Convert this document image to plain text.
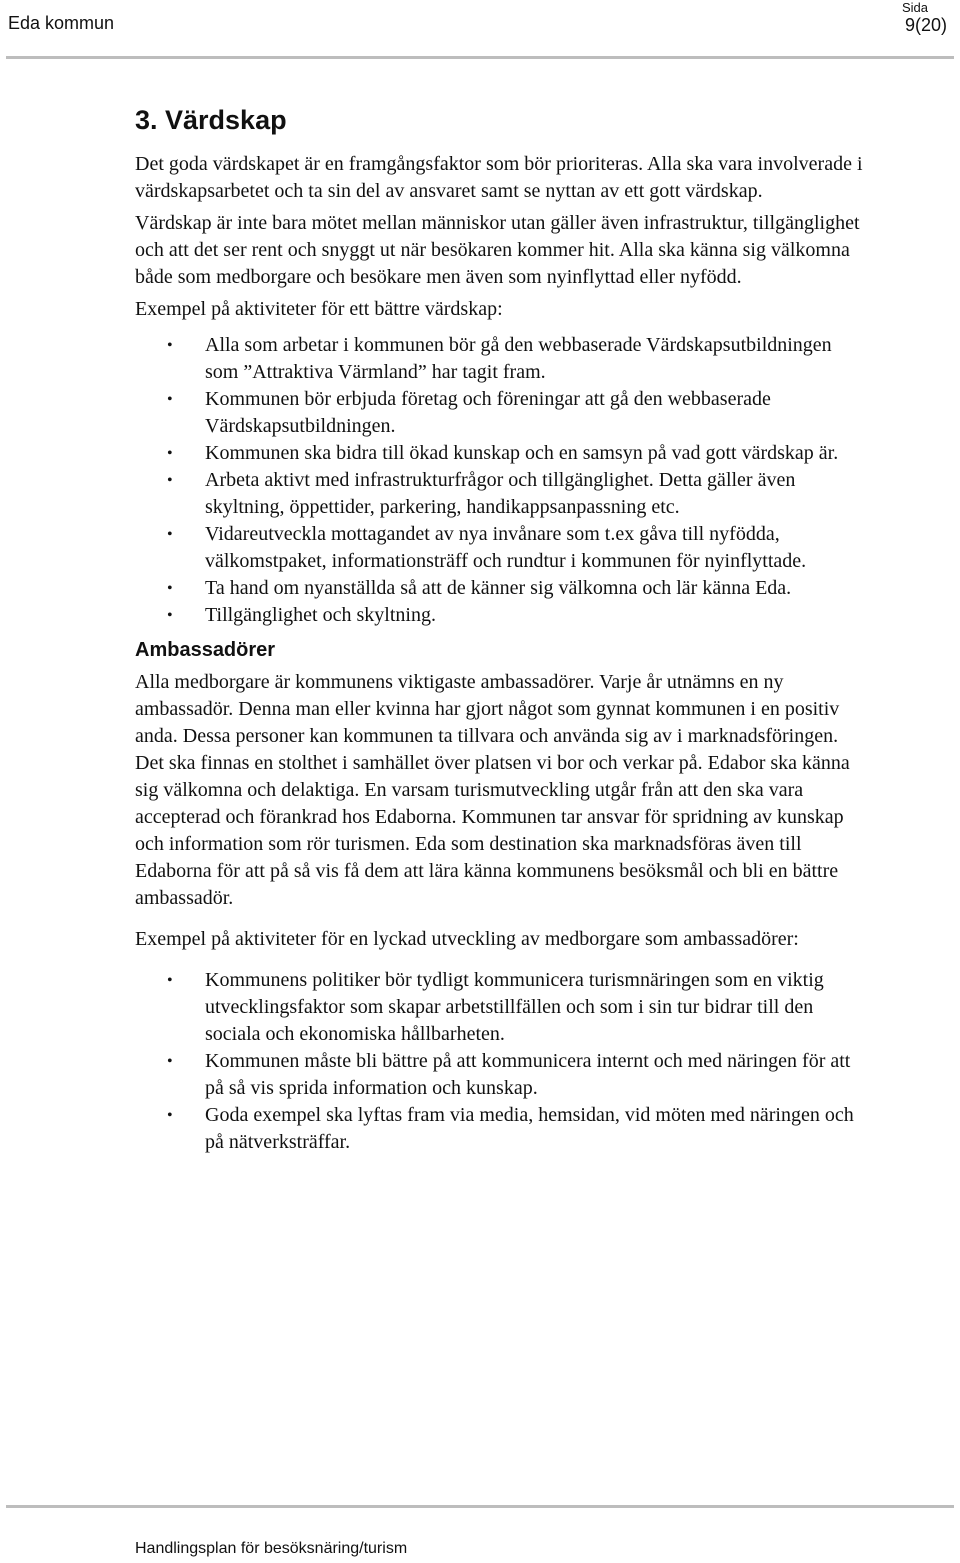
Eda kommun
Sida
9(20)
3. Värdskap

Det goda värdskapet är en framgångsfaktor som bör prioriteras. Alla ska vara involverade i värdskapsarbetet och ta sin del av ansvaret samt se nyttan av ett gott värdskap.

Värdskap är inte bara mötet mellan människor utan gäller även infrastruktur, tillgänglighet och att det ser rent och snyggt ut när besökaren kommer hit. Alla ska känna sig välkomna både som medborgare och besökare men även som nyinflyttad eller nyfödd.

Exempel på aktiviteter för ett bättre värdskap:

• Alla som arbetar i kommunen bör gå den webbaserade Värdskapsutbildningen som ”Attraktiva Värmland” har tagit fram.
• Kommunen bör erbjuda företag och föreningar att gå den webbaserade Värdskapsutbildningen.
• Kommunen ska bidra till ökad kunskap och en samsyn på vad gott värdskap är.
• Arbeta aktivt med infrastrukturfrågor och tillgänglighet. Detta gäller även skyltning, öppettider, parkering, handikappsanpassning etc.
• Vidareutveckla mottagandet av nya invånare som t.ex gåva till nyfödda, välkomstpaket, informationsträff och rundtur i kommunen för nyinflyttade.
• Ta hand om nyanställda så att de känner sig välkomna och lär känna Eda.
• Tillgänglighet och skyltning.
Ambassadörer

Alla medborgare är kommunens viktigaste ambassadörer. Varje år utnämns en ny ambassadör. Denna man eller kvinna har gjort något som gynnat kommunen i en positiv anda. Dessa personer kan kommunen ta tillvara och använda sig av i marknadsföringen. Det ska finnas en stolthet i samhället över platsen vi bor och verkar på. Edabor ska känna sig välkomna och delaktiga. En varsam turismutveckling utgår från att den ska vara accepterad och förankrad hos Edaborna. Kommunen tar ansvar för spridning av kunskap och information som rör turismen. Eda som destination ska marknadsföras även till Edaborna för att på så vis få dem att lära känna kommunens besöksmål och bli en bättre ambassadör.

Exempel på aktiviteter för en lyckad utveckling av medborgare som ambassadörer:

• Kommunens politiker bör tydligt kommunicera turismnäringen som en viktig utvecklingsfaktor som skapar arbetstillfällen och som i sin tur bidrar till den sociala och ekonomiska hållbarheten.
• Kommunen måste bli bättre på att kommunicera internt och med näringen för att på så vis sprida information och kunskap.
• Goda exempel ska lyftas fram via media, hemsidan, vid möten med näringen och på nätverksträffar.
Handlingsplan för besöksnäring/turism
